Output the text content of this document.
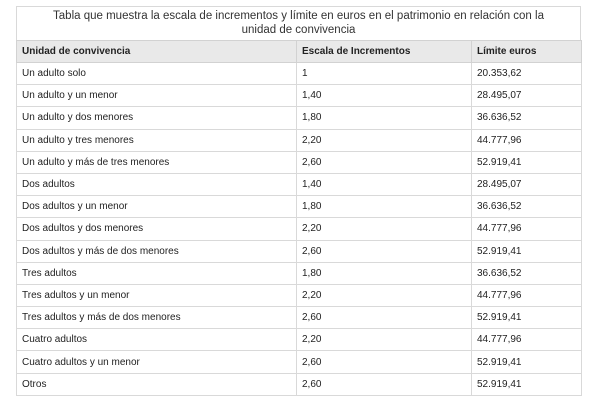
Tabla que muestra la escala de incrementos y límite en euros en el patrimonio en relación con la unidad de convivencia
Unidad de convivencia	Escala de Incrementos	Límite euros
Un adulto solo	1	20.353,62
Un adulto y un menor	1,40	28.495,07
Un adulto y dos menores	1,80	36.636,52
Un adulto y tres menores	2,20	44.777,96
Un adulto y más de tres menores	2,60	52.919,41
Dos adultos	1,40	28.495,07
Dos adultos y un menor	1,80	36.636,52
Dos adultos y dos menores	2,20	44.777,96
Dos adultos y más de dos menores	2,60	52.919,41
Tres adultos	1,80	36.636,52
Tres adultos y un menor	2,20	44.777,96
Tres adultos y más de dos menores	2,60	52.919,41
Cuatro adultos	2,20	44.777,96
Cuatro adultos y un menor	2,60	52.919,41
Otros	2,60	52.919,41
